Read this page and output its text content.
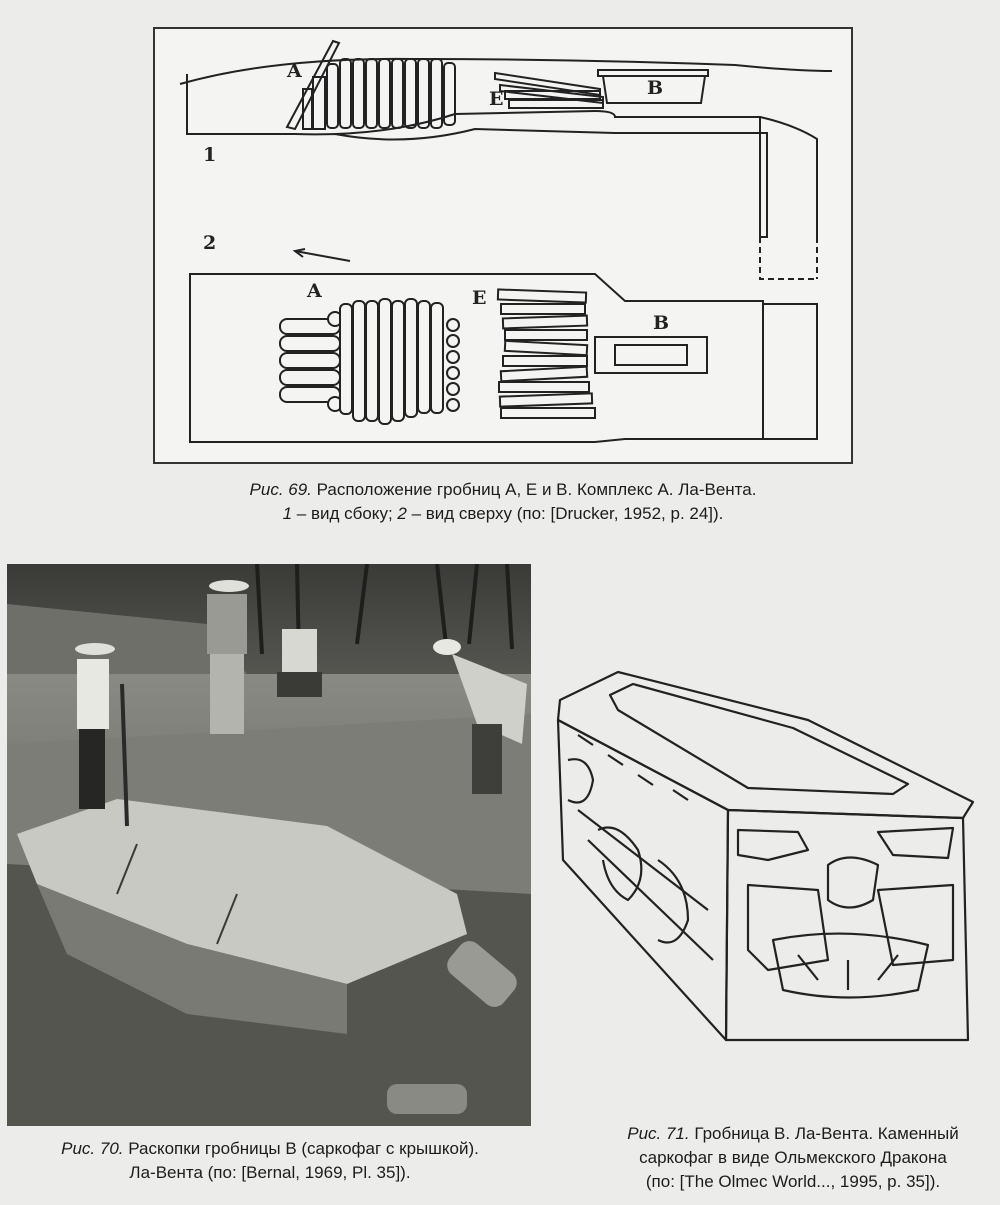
A
E	B
1
2
A	E
B
Рис. 69. Расположение гробниц А, Е и В. Комплекс А. Ла-Вента.
1 – вид сбоку; 2 – вид сверху (по: [Drucker, 1952, p. 24]).
Рис. 70. Раскопки гробницы В (саркофаг с крышкой).
Ла-Вента (по: [Bernal, 1969, Pl. 35]).
Рис. 71. Гробница В. Ла-Вента. Каменный
саркофаг в виде Ольмекского Дракона
(по: [The Olmec World..., 1995, p. 35]).
